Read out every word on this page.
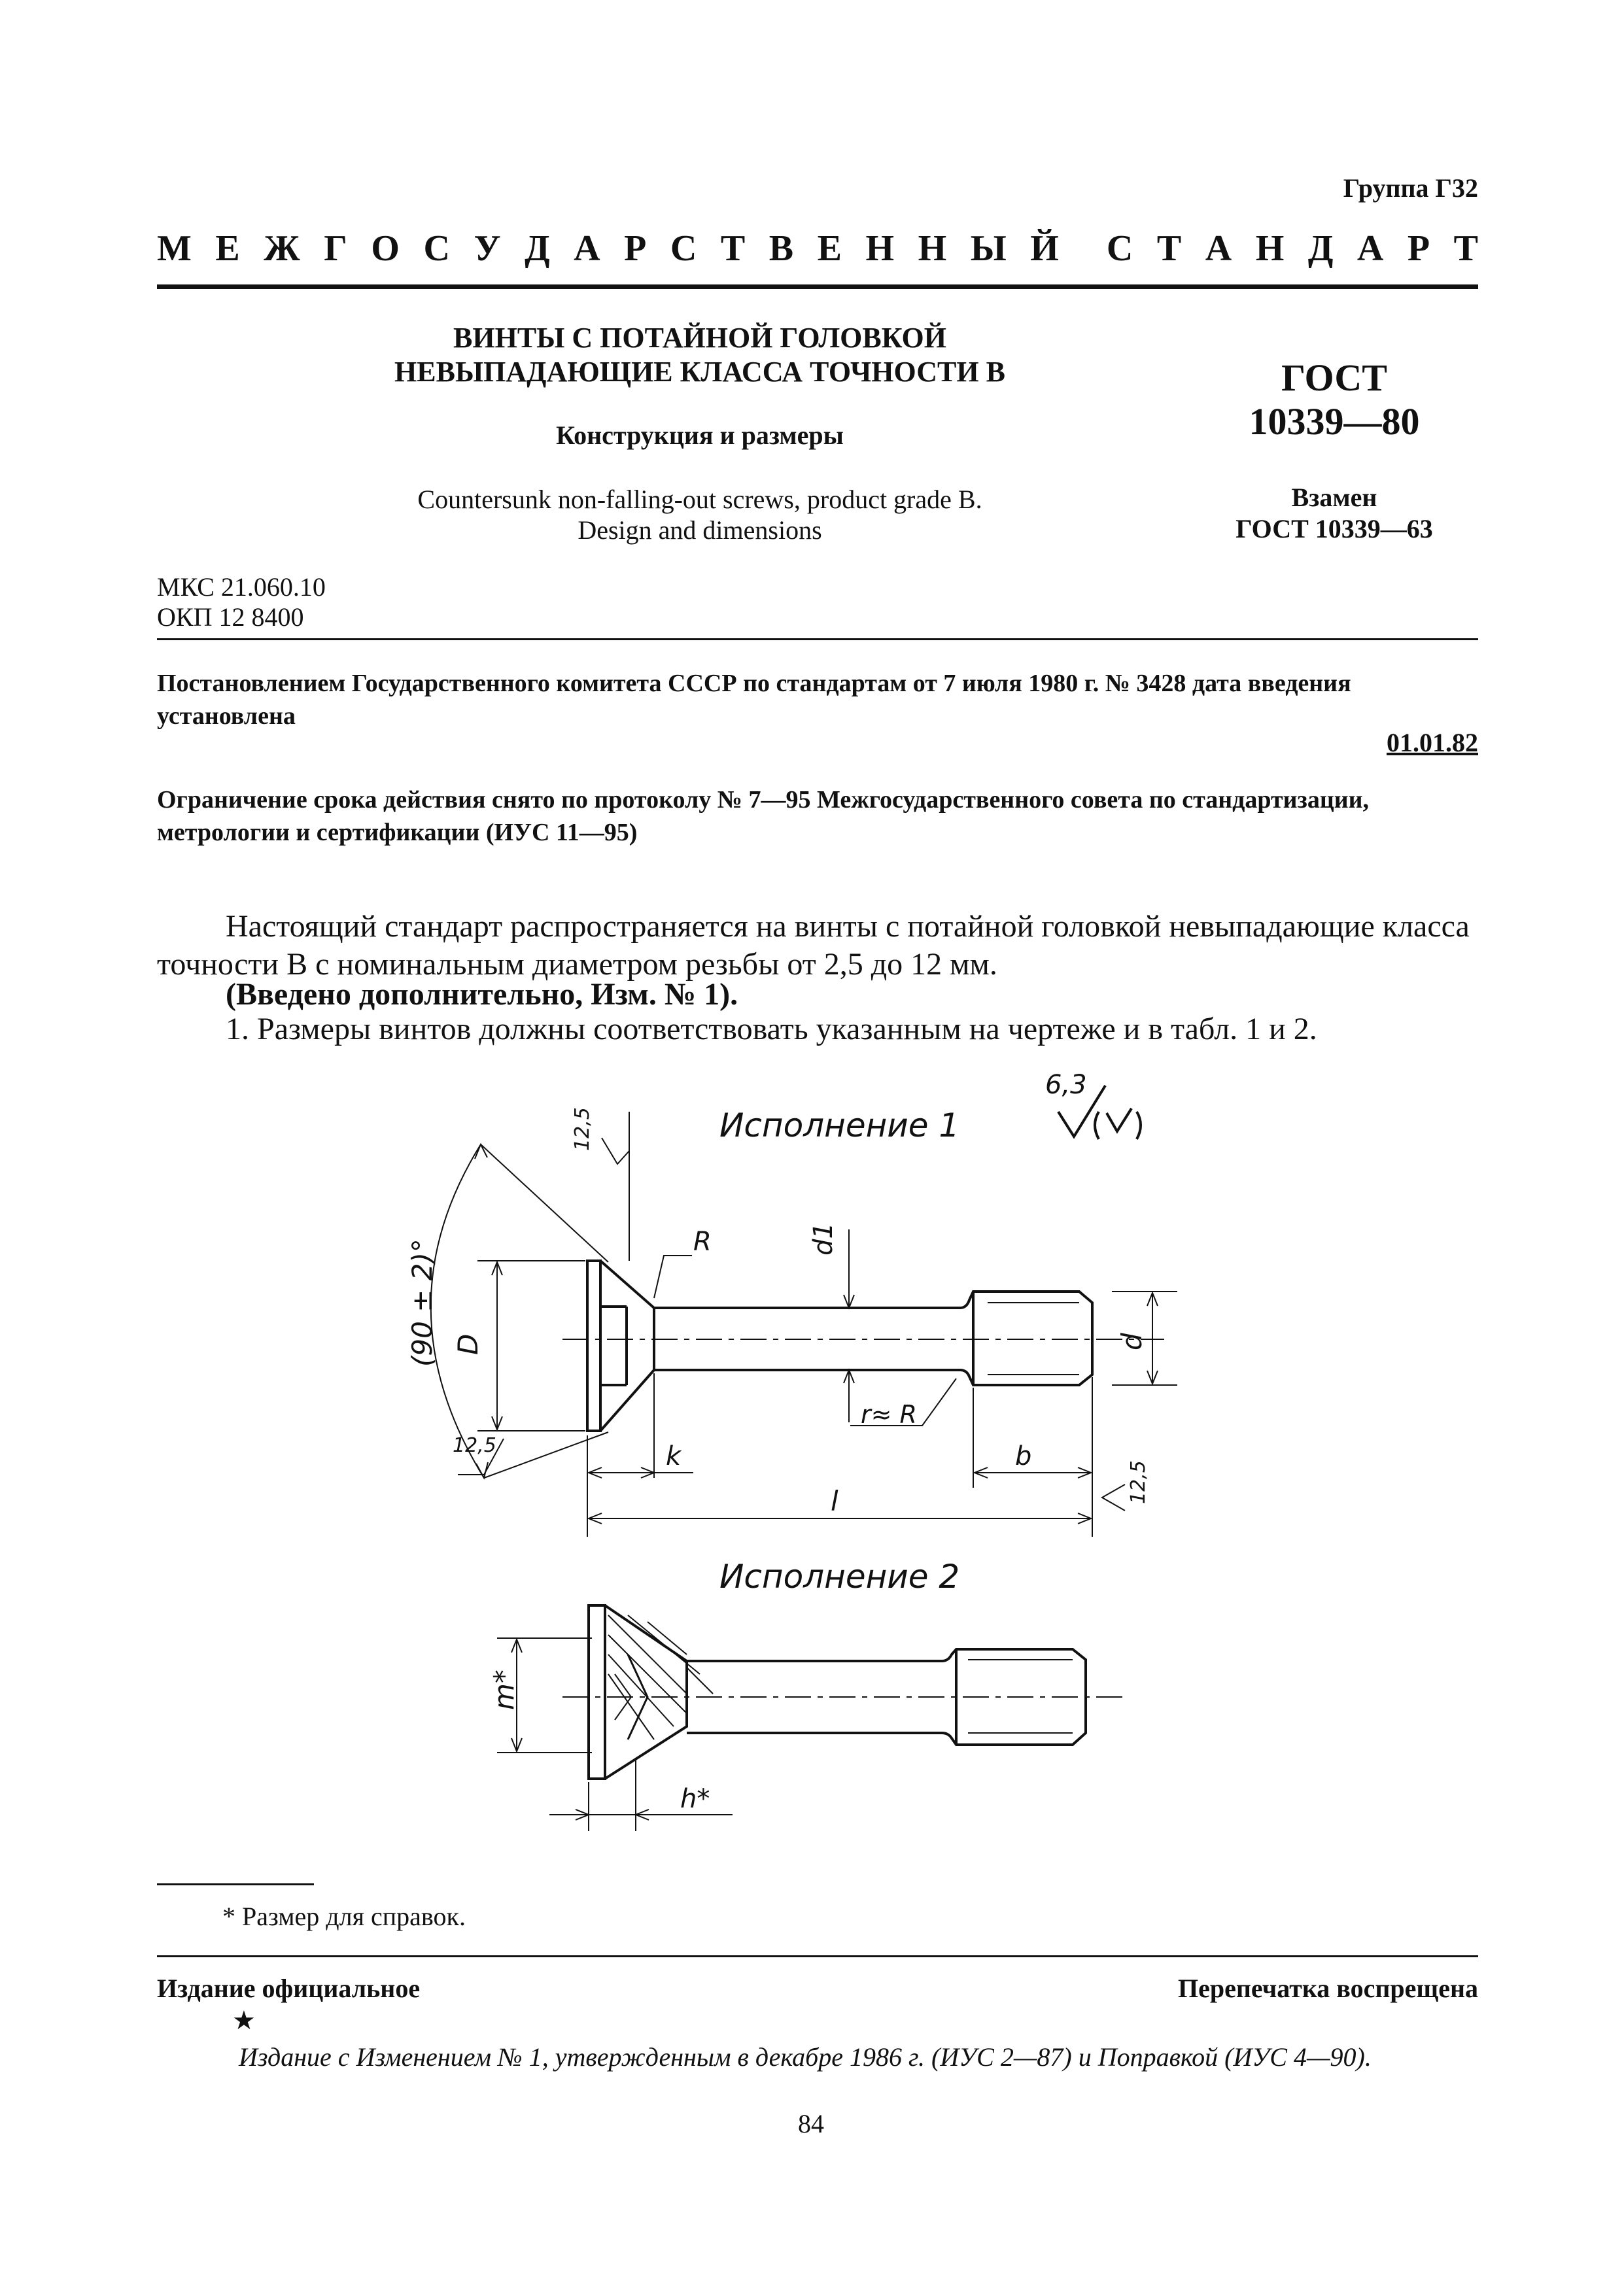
Группа Г32
М Е Ж Г О С У Д А Р С Т В Е Н Н Ы Й С Т А Н Д А Р Т
ВИНТЫ С ПОТАЙНОЙ ГОЛОВКОЙ
НЕВЫПАДАЮЩИЕ КЛАССА ТОЧНОСТИ В
Конструкция и размеры
Countersunk non-falling-out screws, product grade B.
Design and dimensions
ГОСТ
10339—80
Взамен
ГОСТ 10339—63
МКС 21.060.10
ОКП 12 8400
Постановлением Государственного комитета СССР по стандартам от 7 июля 1980 г. № 3428 дата введения установлена
01.01.82
Ограничение срока действия снято по протоколу № 7—95 Межгосударственного совета по стандартизации, метрологии и сертификации (ИУС 11—95)
Настоящий стандарт распространяется на винты с потайной головкой невыпадающие класса точности В с номинальным диаметром резьбы от 2,5 до 12 мм.
(Введено дополнительно, Изм. № 1).
1. Размеры винтов должны соответствовать указанным на чертеже и в табл. 1 и 2.
Исполнение 1
Исполнение 2
6,3
D
(90 ± 2)°
12,5
12,5
R	d1
r≈ R
d
k	b
l	12,5
m*
h*
* Размер для справок.
Издание официальное	Перепечатка воспрещена
★
Издание с Изменением № 1, утвержденным в декабре 1986 г. (ИУС 2—87) и Поправкой (ИУС 4—90).
84
